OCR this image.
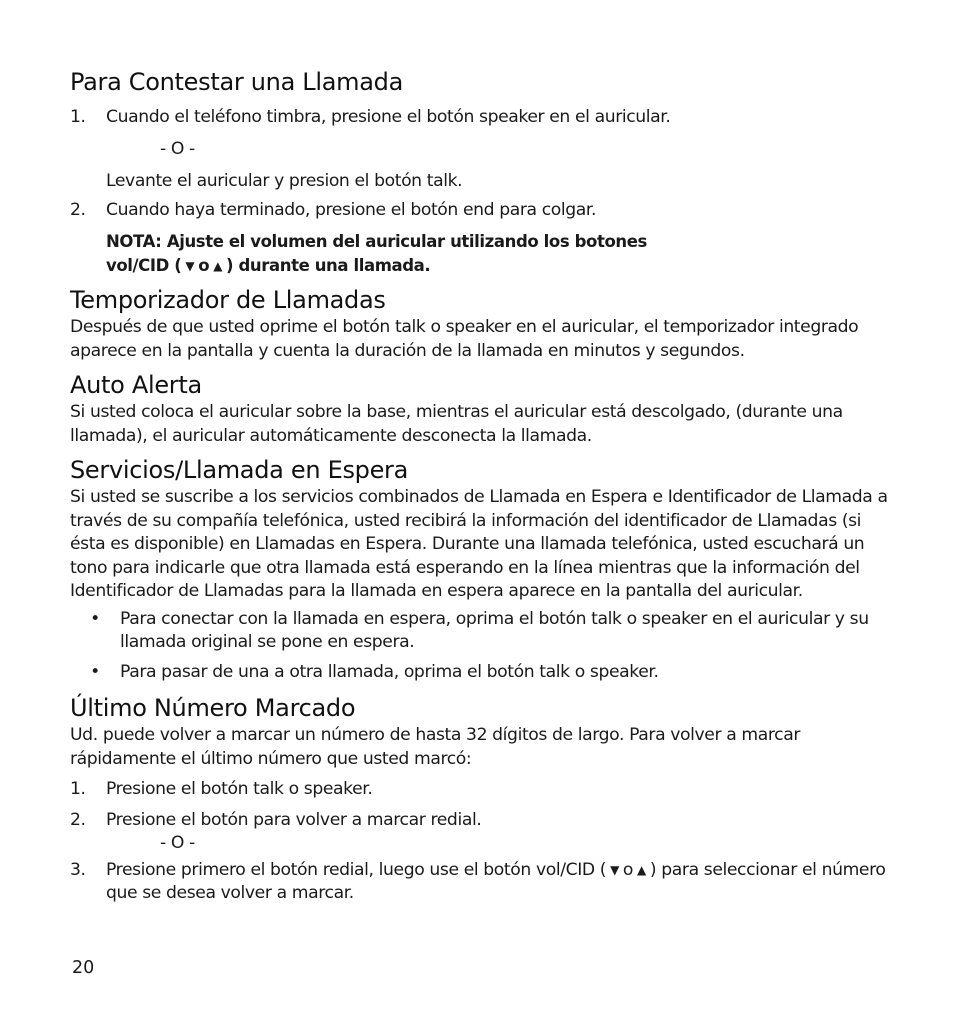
Para Contestar una Llamada
1.	Cuando el teléfono timbra, presione el botón speaker en el auricular.
- O -
Levante el auricular y presion el botón talk.
2.	Cuando haya terminado, presione el botón end para colgar.
NOTA: Ajuste el volumen del auricular utilizando los botones
vol/CID ( ▼ o ▲ ) durante una llamada.
Temporizador de Llamadas

Después de que usted oprime el botón talk o speaker en el auricular, el temporizador integrado aparece en la pantalla y cuenta la duración de la llamada en minutos y segundos.

Auto Alerta

Si usted coloca el auricular sobre la base, mientras el auricular está descolgado, (durante una llamada), el auricular automáticamente desconecta la llamada.

Servicios/Llamada en Espera

Si usted se suscribe a los servicios combinados de Llamada en Espera e Identificador de Llamada a través de su compañía telefónica, usted recibirá la información del identificador de Llamadas (si ésta es disponible) en Llamadas en Espera. Durante una llamada telefónica, usted escuchará un tono para indicarle que otra llamada está esperando en la línea mientras que la información del Identificador de Llamadas para la llamada en espera aparece en la pantalla del auricular.

•	Para conectar con la llamada en espera, oprima el botón talk o speaker en el auricular y su llamada original se pone en espera.
•	Para pasar de una a otra llamada, oprima el botón talk o speaker.
Último Número Marcado

Ud. puede volver a marcar un número de hasta 32 dígitos de largo. Para volver a marcar rápidamente el último número que usted marcó:

1.	Presione el botón talk o speaker.
2.	Presione el botón para volver a marcar redial.
- O -
3.	Presione primero el botón redial, luego use el botón vol/CID ( ▼ o ▲ ) para seleccionar el número que se desea volver a marcar.
20
